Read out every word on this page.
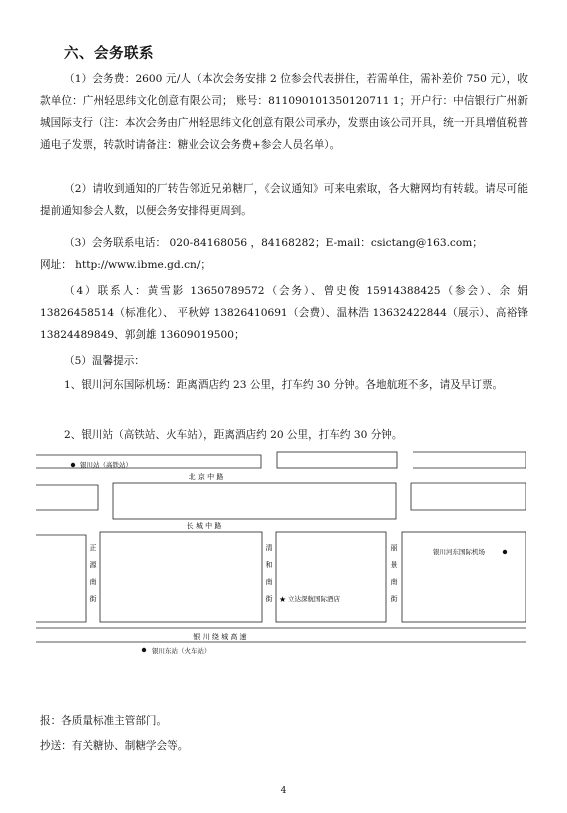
六、会务联系
（1）会务费：2600 元/人（本次会务安排 2 位参会代表拼住，若需单住，需补差价 750 元），收款单位：广州轻思纬文化创意有限公司； 账号：811090101350120711 1；开户行：中信银行广州新城国际支行（注：本次会务由广州轻思纬文化创意有限公司承办，发票由该公司开具，统一开具增值税普通电子发票，转款时请备注：糖业会议会务费+参会人员名单）。
（2）请收到通知的厂转告邻近兄弟糖厂，《会议通知》可来电索取，各大糖网均有转载。请尽可能提前通知参会人数，以便会务安排得更周到。
（3）会务联系电话： 020-84168056 ，84168282；E-mail：csictang@163.com；
网址： http://www.ibme.gd.cn/；
（4）联系人：黄雪影 13650789572（会务）、曾史俊 15914388425（参会）、余 娟 13826458514（标准化）、 平秋婷 13826410691（会费）、温林浩 13632422844（展示）、高裕锋 13824489849、郭剑雄 13609019500；
（5）温馨提示：
1、银川河东国际机场：距离酒店约 23 公里，打车约 30 分钟。各地航班不多，请及早订票。
2、银川站（高铁站、火车站），距离酒店约 20 公里，打车约 30 分钟。
银川站（高铁站）
北 京 中 路
长 城 中 路
正
源
南
街
清
和
南
街
丽
景
南
街
银川河东国际机场
★ 立达深航国际酒店
银 川 绕 城 高 速
银川东站（火车站）
报：各质量标准主管部门。
抄送：有关糖协、制糖学会等。
4
